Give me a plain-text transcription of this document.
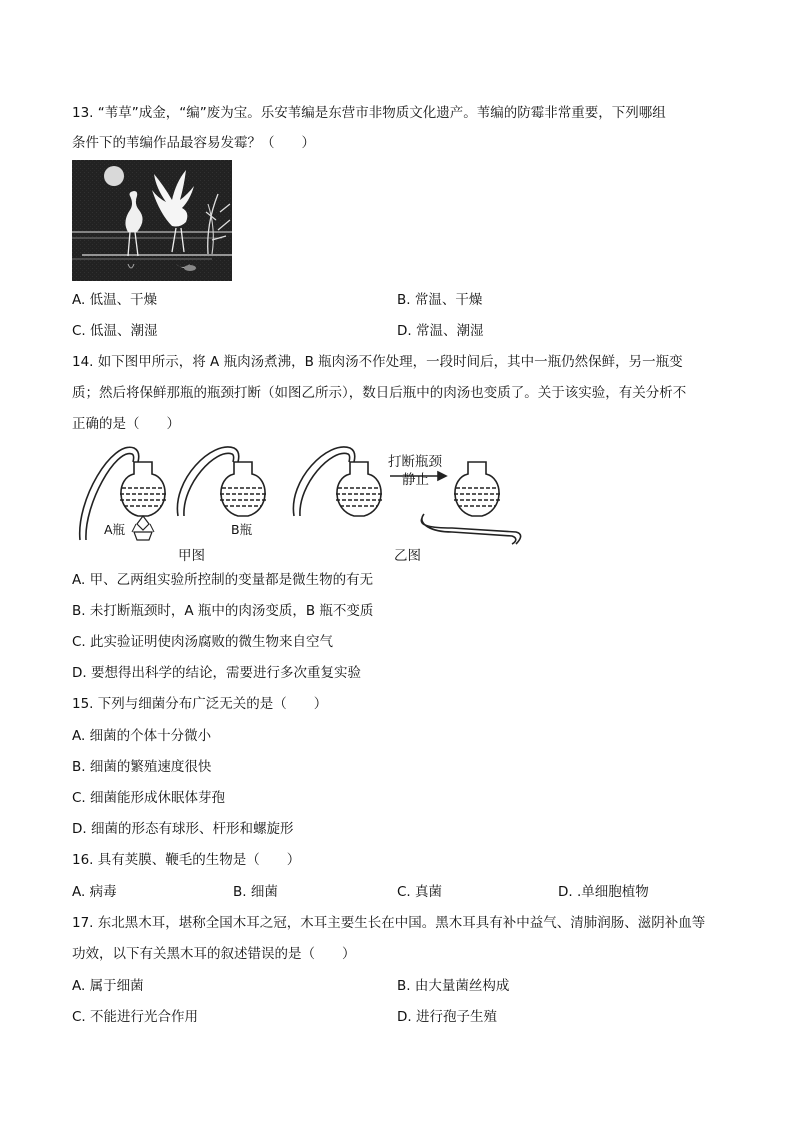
13. “苇草”成金，“编”废为宝。乐安苇编是东营市非物质文化遗产。苇编的防霉非常重要，下列哪组
条件下的苇编作品最容易发霉？（　　）
A. 低温、干燥	B. 常温、干燥
C. 低温、潮湿	D. 常温、潮湿
14. 如下图甲所示，将 A 瓶肉汤煮沸，B 瓶肉汤不作处理，一段时间后，其中一瓶仍然保鲜，另一瓶变
质；然后将保鲜那瓶的瓶颈打断（如图乙所示），数日后瓶中的肉汤也变质了。关于该实验，有关分析不
正确的是（　　）
A瓶	B瓶
打断瓶颈
静止
甲图	乙图
A. 甲、乙两组实验所控制的变量都是微生物的有无
B. 未打断瓶颈时，A 瓶中的肉汤变质，B 瓶不变质
C. 此实验证明使肉汤腐败的微生物来自空气
D. 要想得出科学的结论，需要进行多次重复实验
15. 下列与细菌分布广泛无关的是（　　）
A. 细菌的个体十分微小
B. 细菌的繁殖速度很快
C. 细菌能形成休眠体芽孢
D. 细菌的形态有球形、杆形和螺旋形
16. 具有荚膜、鞭毛的生物是（　　）
A. 病毒	B. 细菌	C. 真菌	D. .单细胞植物
17. 东北黑木耳，堪称全国木耳之冠，木耳主要生长在中国。黑木耳具有补中益气、清肺润肠、滋阴补血等
功效，以下有关黑木耳的叙述错误的是（　　）
A. 属于细菌	B. 由大量菌丝构成
C. 不能进行光合作用	D. 进行孢子生殖
